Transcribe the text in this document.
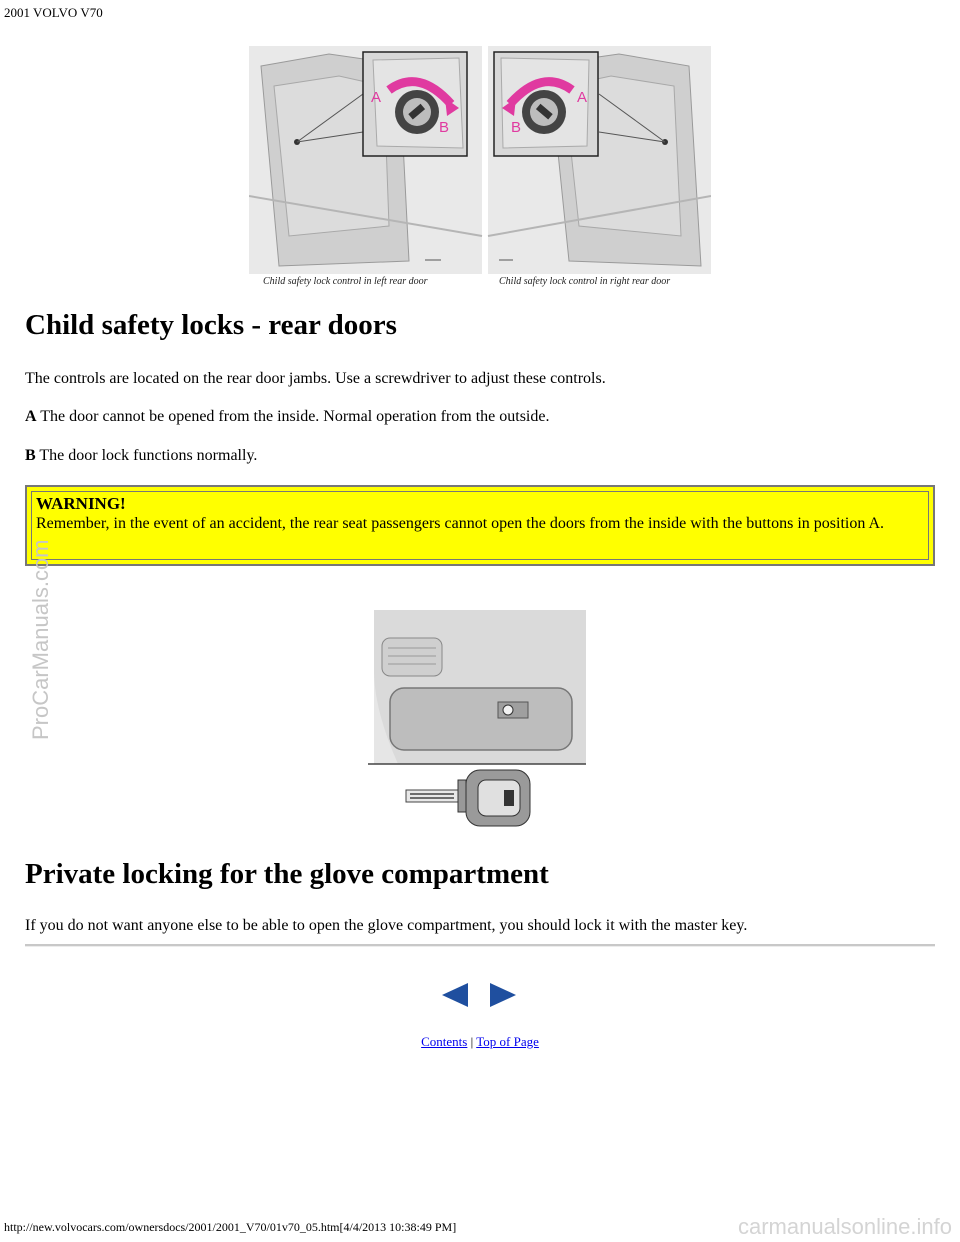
2001 VOLVO V70
ProCarManuals.com
A
B
A
B
Child safety lock control in left rear door	Child safety lock control in right rear door
Child safety locks - rear doors

The controls are located on the rear door jambs. Use a screwdriver to adjust these controls.

A The door cannot be opened from the inside. Normal operation from the outside.

B The door lock functions normally.

WARNING!
Remember, in the event of an accident, the rear seat passengers cannot open the doors from the inside with the buttons in position A.
Private locking for the glove compartment

If you do not want anyone else to be able to open the glove compartment, you should lock it with the master key.

Contents | Top of Page
http://new.volvocars.com/ownersdocs/2001/2001_V70/01v70_05.htm[4/4/2013 10:38:49 PM]	carmanualsonline.info
